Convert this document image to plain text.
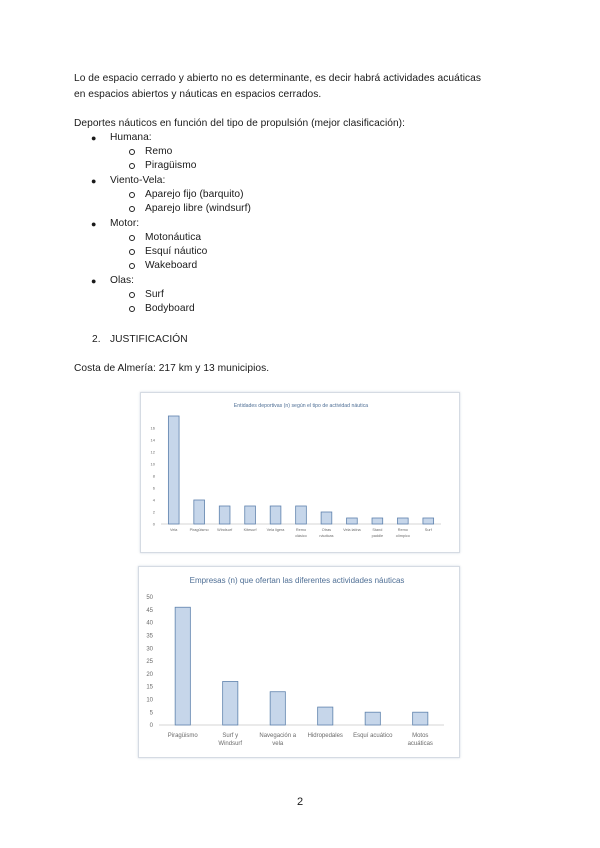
Lo de espacio cerrado y abierto no es determinante, es decir habrá actividades acuáticas
en espacios abiertos y náuticas en espacios cerrados.
Deportes náuticos en función del tipo de propulsión (mejor clasificación):
● Humana:
Remo
Piragüismo
● Viento-Vela:
Aparejo fijo (barquito)
Aparejo libre (windsurf)
● Motor:
Motonáutica
Esquí náutico
Wakeboard
● Olas:
Surf
Bodyboard
2. JUSTIFICACIÓN
Costa de Almería: 217 km y 13 municipios.
Entidades deportivas (n) según el tipo de actividad náutica
0
2
4
6
8
10
12
14
16
Vela	Piragüismo Windsurf	Kitesurf	Vela ligera	Remo
clásico
Otras
náuticas
Vela latina	Stand
paddle
Remo
olímpico
Surf
Empresas (n) que ofertan las diferentes actividades náuticas
0
5
10
15
20
25
30
35
40
45
50
Piragüismo	Surf y
Windsurf
Navegación a
vela
Hidropedales Esquí acuático	Motos
acuáticas
2
